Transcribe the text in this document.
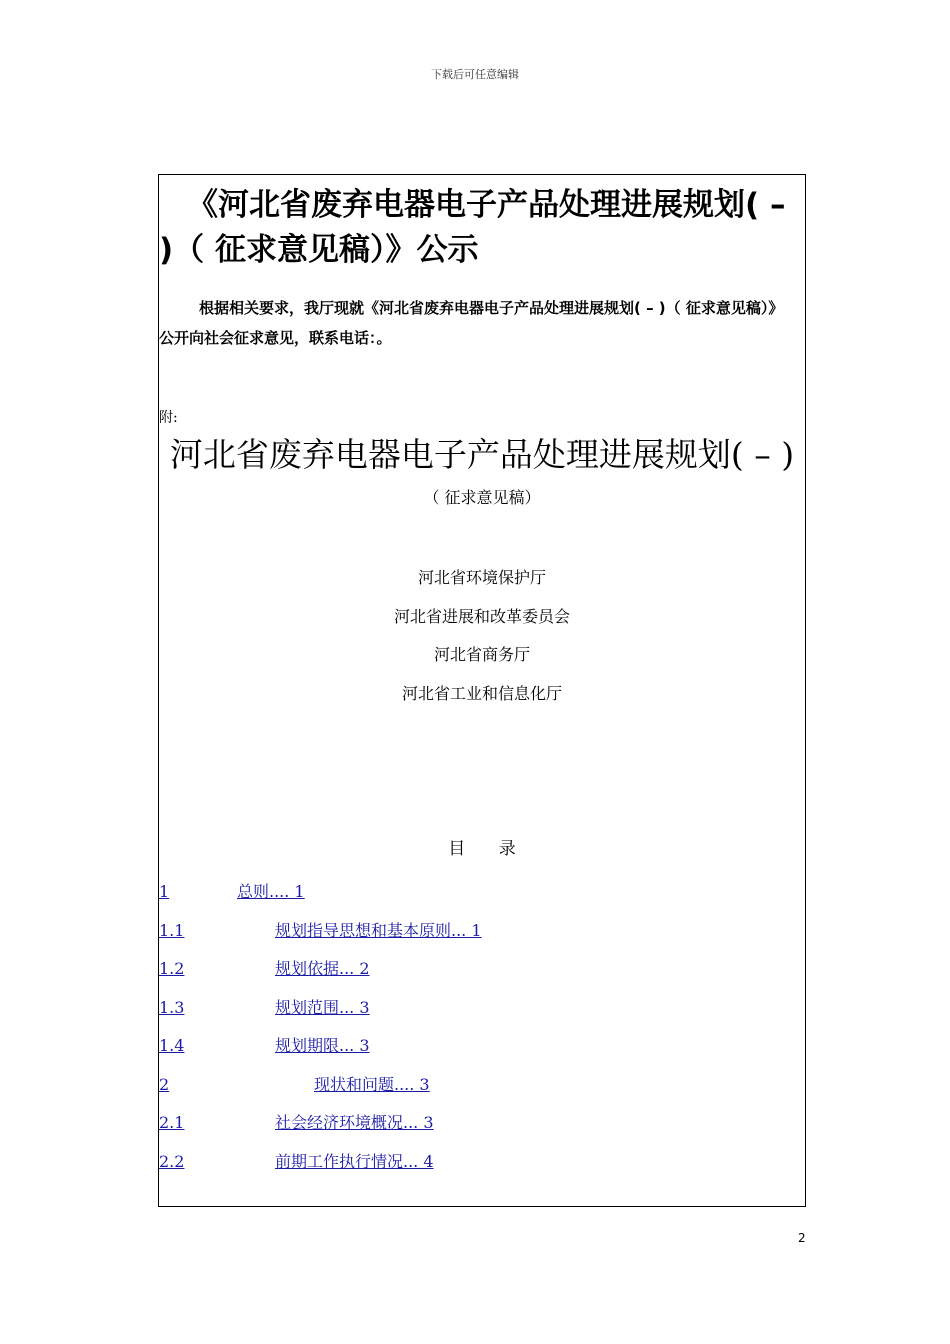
下载后可任意编辑
《河北省废弃电器电子产品处理进展规划( – )（ 征求意见稿）》公示
根据相关要求，我厅现就《河北省废弃电器电子产品处理进展规划( – )（ 征求意见稿）》公开向社会征求意见，联系电话：。
附:
河北省废弃电器电子产品处理进展规划( – )
（ 征求意见稿）
河北省环境保护厅
河北省进展和改革委员会
河北省商务厅
河北省工业和信息化厅
目 录
1	总则.... 1
1.1	规划指导思想和基本原则... 1
1.2	规划依据... 2
1.3	规划范围... 3
1.4	规划期限... 3
2	现状和问题.... 3
2.1	社会经济环境概况... 3
2.2	前期工作执行情况... 4
2
